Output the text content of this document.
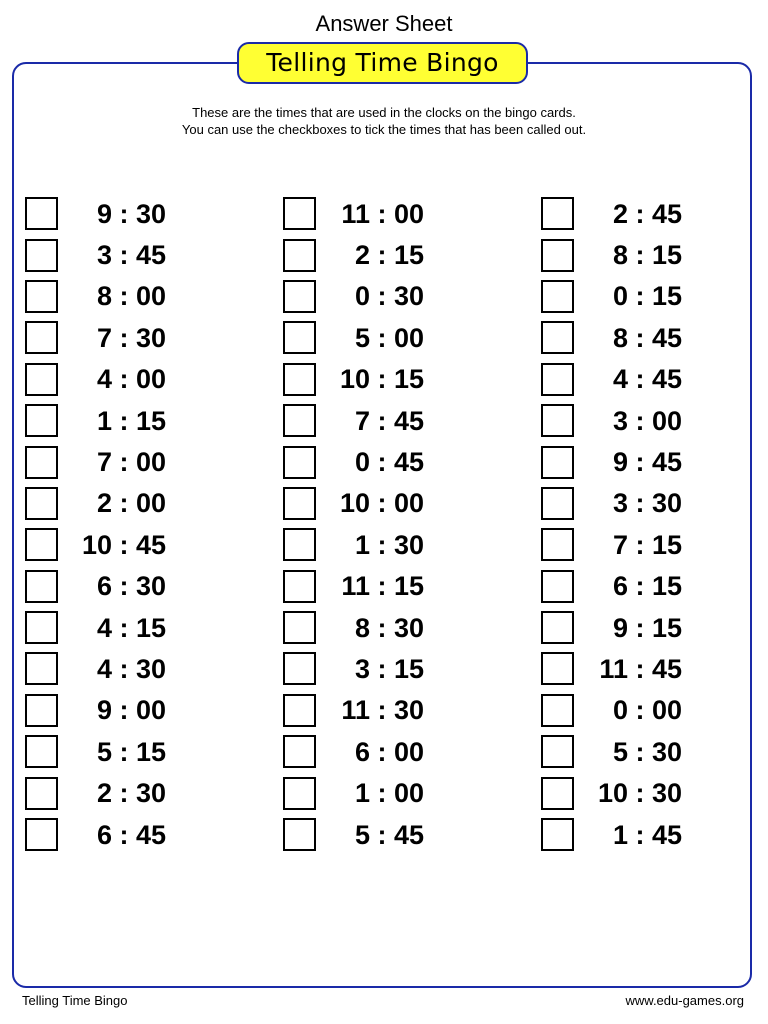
Answer Sheet
Telling Time Bingo
These are the times that are used in the clocks on the bingo cards.
You can use the checkboxes to tick the times that has been called out.
9 : 30
3 : 45
8 : 00
7 : 30
4 : 00
1 : 15
7 : 00
2 : 00
10 : 45
6 : 30
4 : 15
4 : 30
9 : 00
5 : 15
2 : 30
6 : 45
11 : 00
2 : 15
0 : 30
5 : 00
10 : 15
7 : 45
0 : 45
10 : 00
1 : 30
11 : 15
8 : 30
3 : 15
11 : 30
6 : 00
1 : 00
5 : 45
2 : 45
8 : 15
0 : 15
8 : 45
4 : 45
3 : 00
9 : 45
3 : 30
7 : 15
6 : 15
9 : 15
11 : 45
0 : 00
5 : 30
10 : 30
1 : 45
Telling Time Bingo	www.edu-games.org
